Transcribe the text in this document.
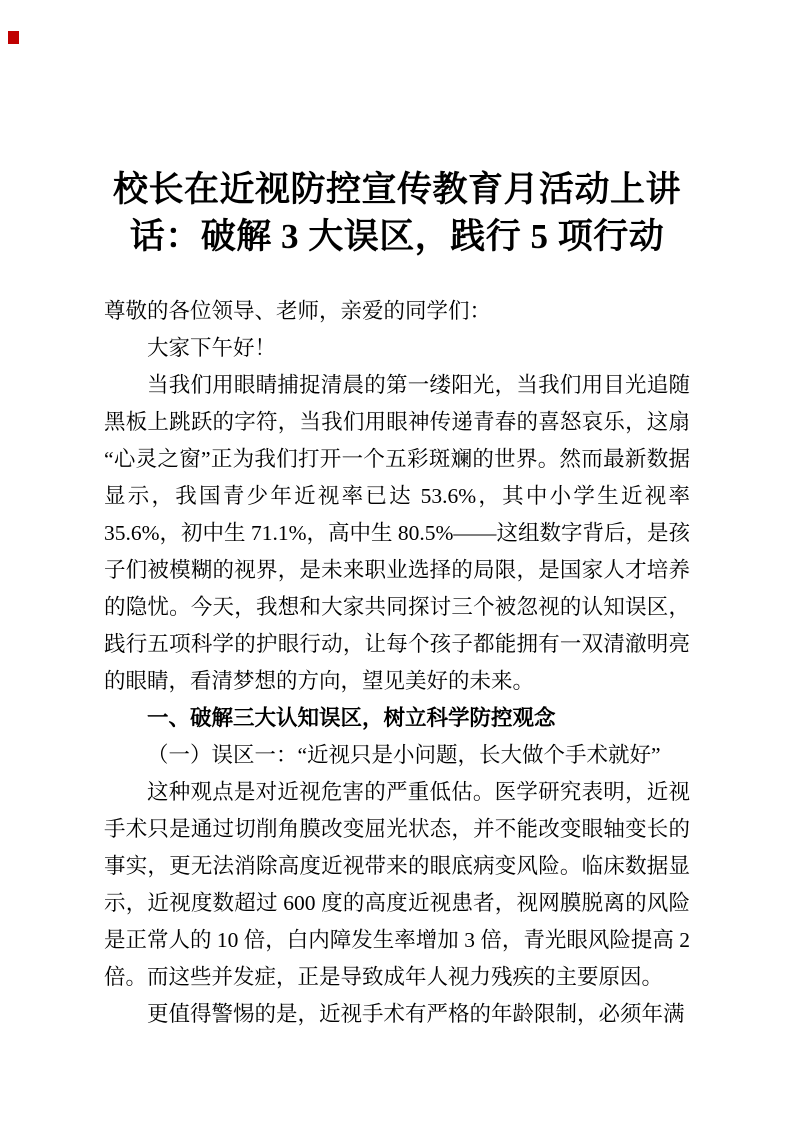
校长在近视防控宣传教育月活动上讲
话：破解 3 大误区，践行 5 项行动

尊敬的各位领导、老师，亲爱的同学们：

大家下午好！

当我们用眼睛捕捉清晨的第一缕阳光，当我们用目光追随黑板上跳跃的字符，当我们用眼神传递青春的喜怒哀乐，这扇“心灵之窗”正为我们打开一个五彩斑斓的世界。然而最新数据显示，我国青少年近视率已达 53.6%，其中小学生近视率 35.6%，初中生 71.1%，高中生 80.5%——这组数字背后，是孩子们被模糊的视界，是未来职业选择的局限，是国家人才培养的隐忧。今天，我想和大家共同探讨三个被忽视的认知误区，践行五项科学的护眼行动，让每个孩子都能拥有一双清澈明亮的眼睛，看清梦想的方向，望见美好的未来。

一、破解三大认知误区，树立科学防控观念

（一）误区一：“近视只是小问题，长大做个手术就好”

这种观点是对近视危害的严重低估。医学研究表明，近视手术只是通过切削角膜改变屈光状态，并不能改变眼轴变长的事实，更无法消除高度近视带来的眼底病变风险。临床数据显示，近视度数超过 600 度的高度近视患者，视网膜脱离的风险是正常人的 10 倍，白内障发生率增加 3 倍，青光眼风险提高 2 倍。而这些并发症，正是导致成年人视力残疾的主要原因。

更值得警惕的是，近视手术有严格的年龄限制，必须年满
